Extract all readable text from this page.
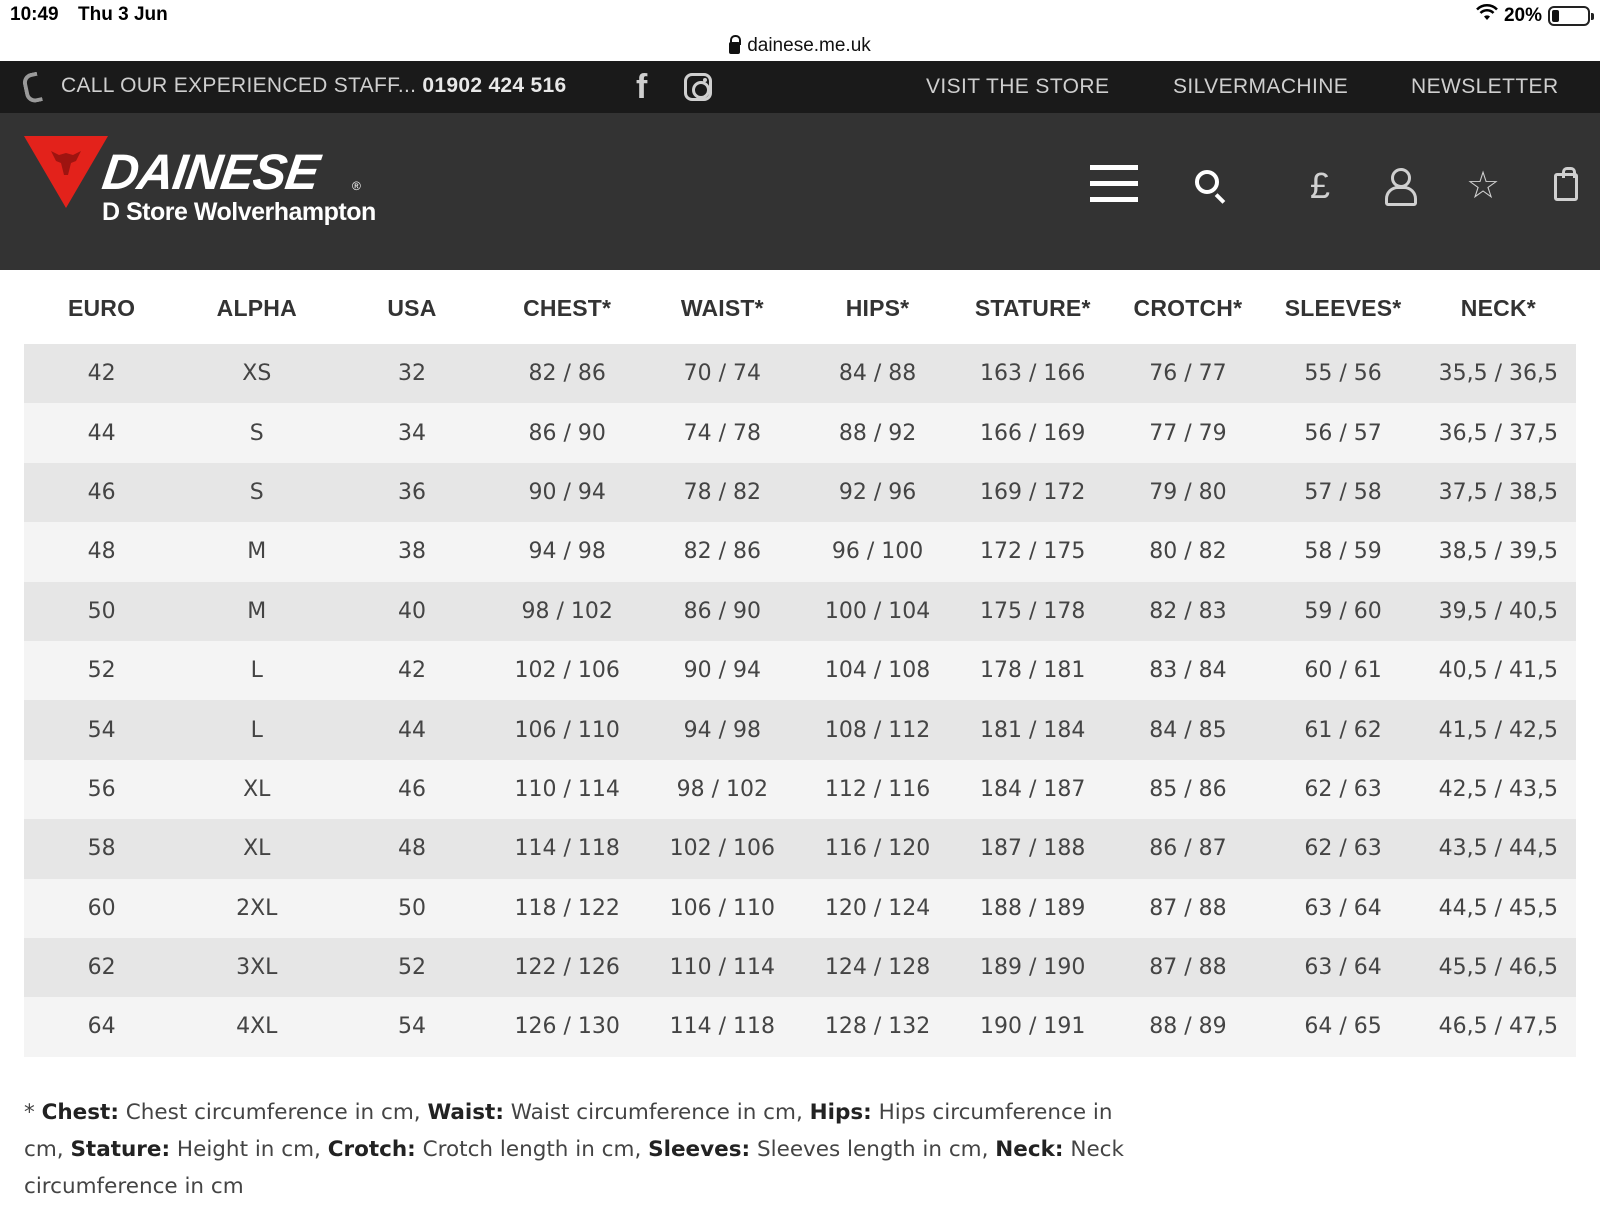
10:49 Thu 3 Jun	20%
dainese.me.uk
CALL OUR EXPERIENCED STAFF... 01902 424 516 f	VISIT THE STORE	SILVERMACHINE	NEWSLETTER
DAINESE ®
D Store Wolverhampton
£	☆
EURO	ALPHA	USA	CHEST*	WAIST*	HIPS*	STATURE*	CROTCH*	SLEEVES*	NECK*
42	XS	32	82 / 86	70 / 74	84 / 88	163 / 166	76 / 77	55 / 56	35,5 / 36,5
44	S	34	86 / 90	74 / 78	88 / 92	166 / 169	77 / 79	56 / 57	36,5 / 37,5
46	S	36	90 / 94	78 / 82	92 / 96	169 / 172	79 / 80	57 / 58	37,5 / 38,5
48	M	38	94 / 98	82 / 86	96 / 100	172 / 175	80 / 82	58 / 59	38,5 / 39,5
50	M	40	98 / 102	86 / 90	100 / 104	175 / 178	82 / 83	59 / 60	39,5 / 40,5
52	L	42	102 / 106	90 / 94	104 / 108	178 / 181	83 / 84	60 / 61	40,5 / 41,5
54	L	44	106 / 110	94 / 98	108 / 112	181 / 184	84 / 85	61 / 62	41,5 / 42,5
56	XL	46	110 / 114	98 / 102	112 / 116	184 / 187	85 / 86	62 / 63	42,5 / 43,5
58	XL	48	114 / 118	102 / 106	116 / 120	187 / 188	86 / 87	62 / 63	43,5 / 44,5
60	2XL	50	118 / 122	106 / 110	120 / 124	188 / 189	87 / 88	63 / 64	44,5 / 45,5
62	3XL	52	122 / 126	110 / 114	124 / 128	189 / 190	87 / 88	63 / 64	45,5 / 46,5
64	4XL	54	126 / 130	114 / 118	128 / 132	190 / 191	88 / 89	64 / 65	46,5 / 47,5
* Chest: Chest circumference in cm, Waist: Waist circumference in cm, Hips: Hips circumference in cm, Stature: Height in cm, Crotch: Crotch length in cm, Sleeves: Sleeves length in cm, Neck: Neck circumference in cm
